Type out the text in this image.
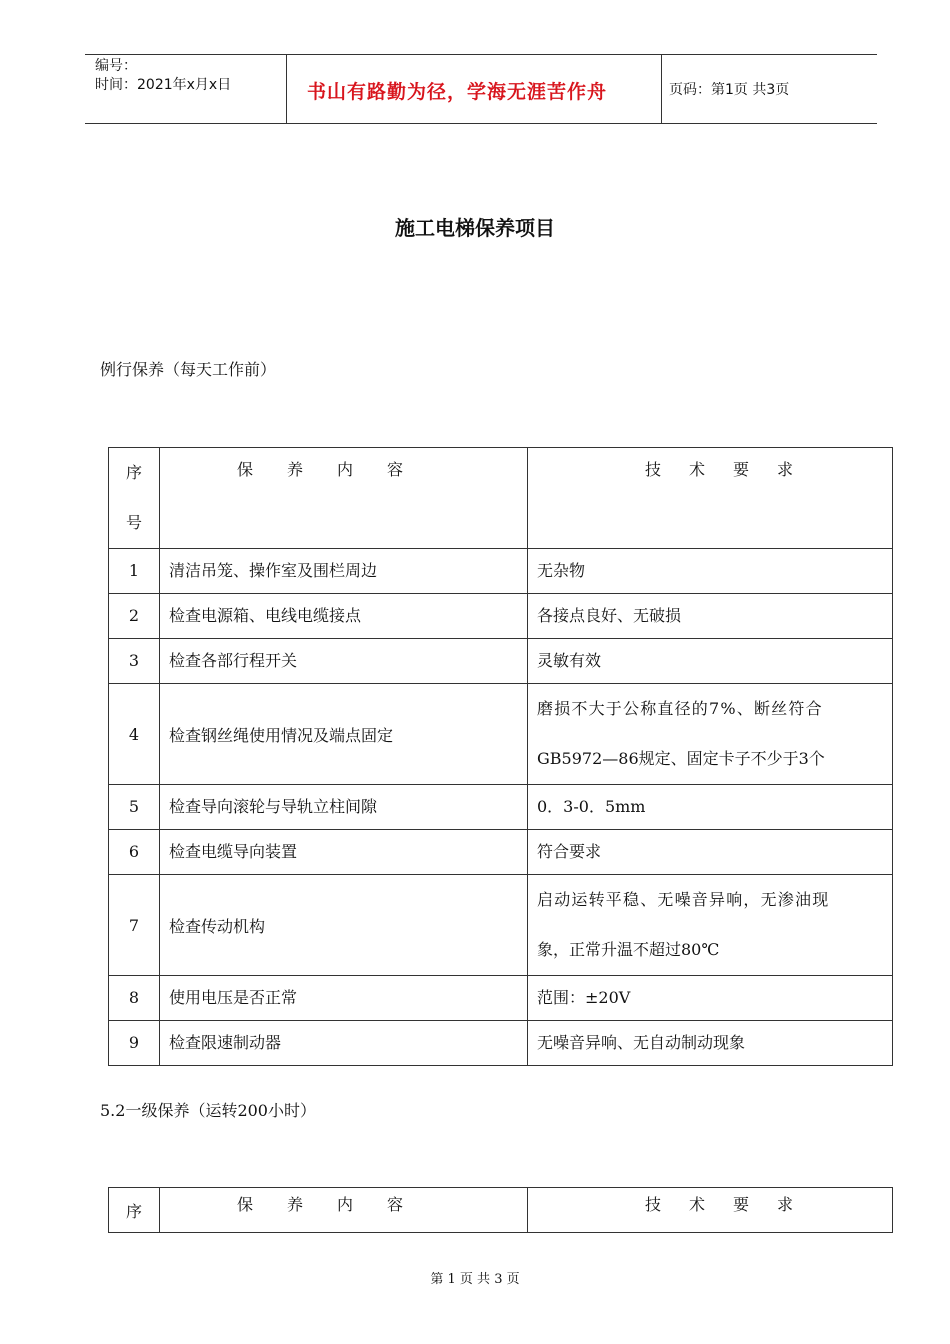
编号：
时间：2021年x月x日	书山有路勤为径，学海无涯苦作舟	页码：第1页 共3页
施工电梯保养项目
例行保养（每天工作前）
序
号	保养内容	技术要求

1	清洁吊笼、操作室及围栏周边	无杂物

2	检查电源箱、电线电缆接点	各接点良好、无破损

3	检查各部行程开关	灵敏有效

4	检查钢丝绳使用情况及端点固定	磨损不大于公称直径的7%、断丝符合
GB5972—86规定、固定卡子不少于3个

5	检查导向滚轮与导轨立柱间隙	0．3-0．5mm

6	检查电缆导向装置	符合要求

7	检查传动机构	启动运转平稳、无噪音异响，无渗油现
象，正常升温不超过80℃

8	使用电压是否正常	范围：±20V

9	检查限速制动器	无噪音异响、无自动制动现象
5.2一级保养（运转200小时）
序	保养内容	技术要求
第 1 页 共 3 页
